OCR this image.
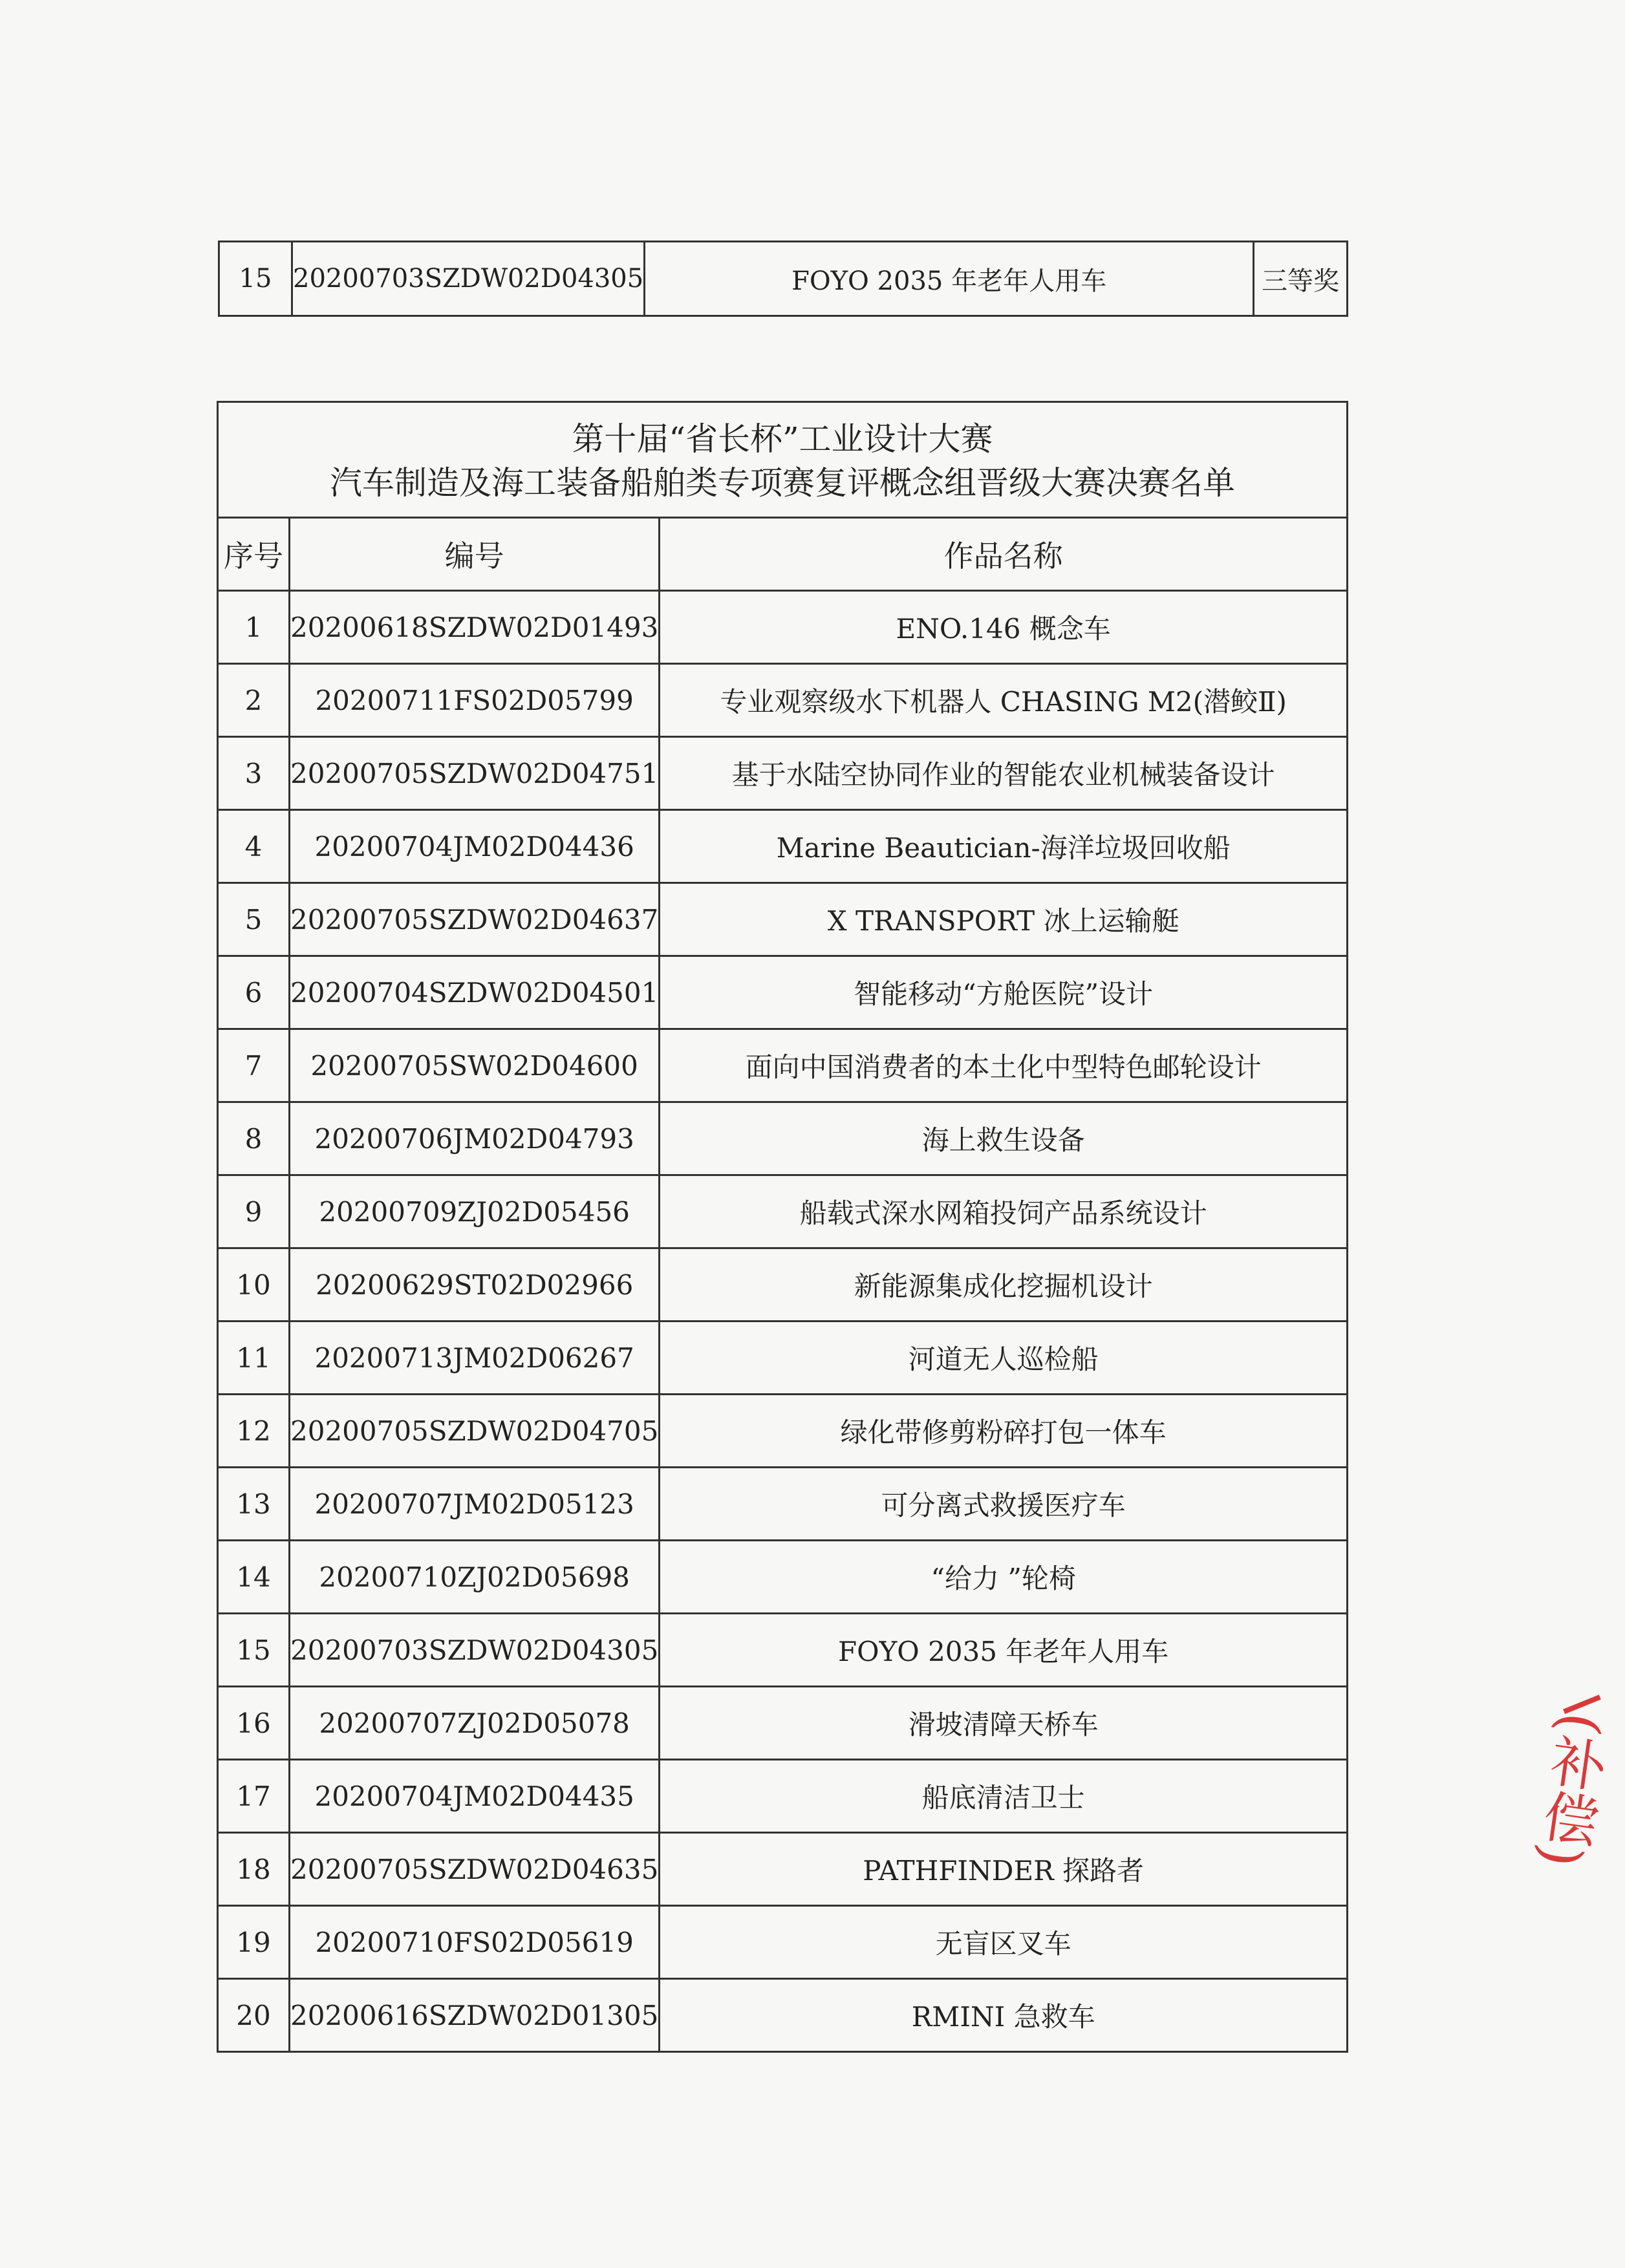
15	20200703SZDW02D04305	FOYO 2035 年老年人用车	三等奖
第十届“省长杯”工业设计大赛
汽车制造及海工装备船舶类专项赛复评概念组晋级大赛决赛名单
序号	编号	作品名称
1	20200618SZDW02D01493	ENO.146 概念车
2	20200711FS02D05799	专业观察级水下机器人 CHASING M2(潜鲛Ⅱ)
3	20200705SZDW02D04751	基于水陆空协同作业的智能农业机械装备设计
4	20200704JM02D04436	Marine Beautician-海洋垃圾回收船
5	20200705SZDW02D04637	X TRANSPORT 冰上运输艇
6	20200704SZDW02D04501	智能移动“方舱医院”设计
7	20200705SW02D04600	面向中国消费者的本土化中型特色邮轮设计
8	20200706JM02D04793	海上救生设备
9	20200709ZJ02D05456	船载式深水网箱投饲产品系统设计
10	20200629ST02D02966	新能源集成化挖掘机设计
11	20200713JM02D06267	河道无人巡检船
12	20200705SZDW02D04705	绿化带修剪粉碎打包一体车
13	20200707JM02D05123	可分离式救援医疗车
14	20200710ZJ02D05698	“给力 ”轮椅
15	20200703SZDW02D04305	FOYO 2035 年老年人用车
16	20200707ZJ02D05078	滑坡清障天桥车
17	20200704JM02D04435	船底清洁卫士
18	20200705SZDW02D04635	PATHFINDER 探路者
19	20200710FS02D05619	无盲区叉车
20	20200616SZDW02D01305	RMINI 急救车
(补偿)
